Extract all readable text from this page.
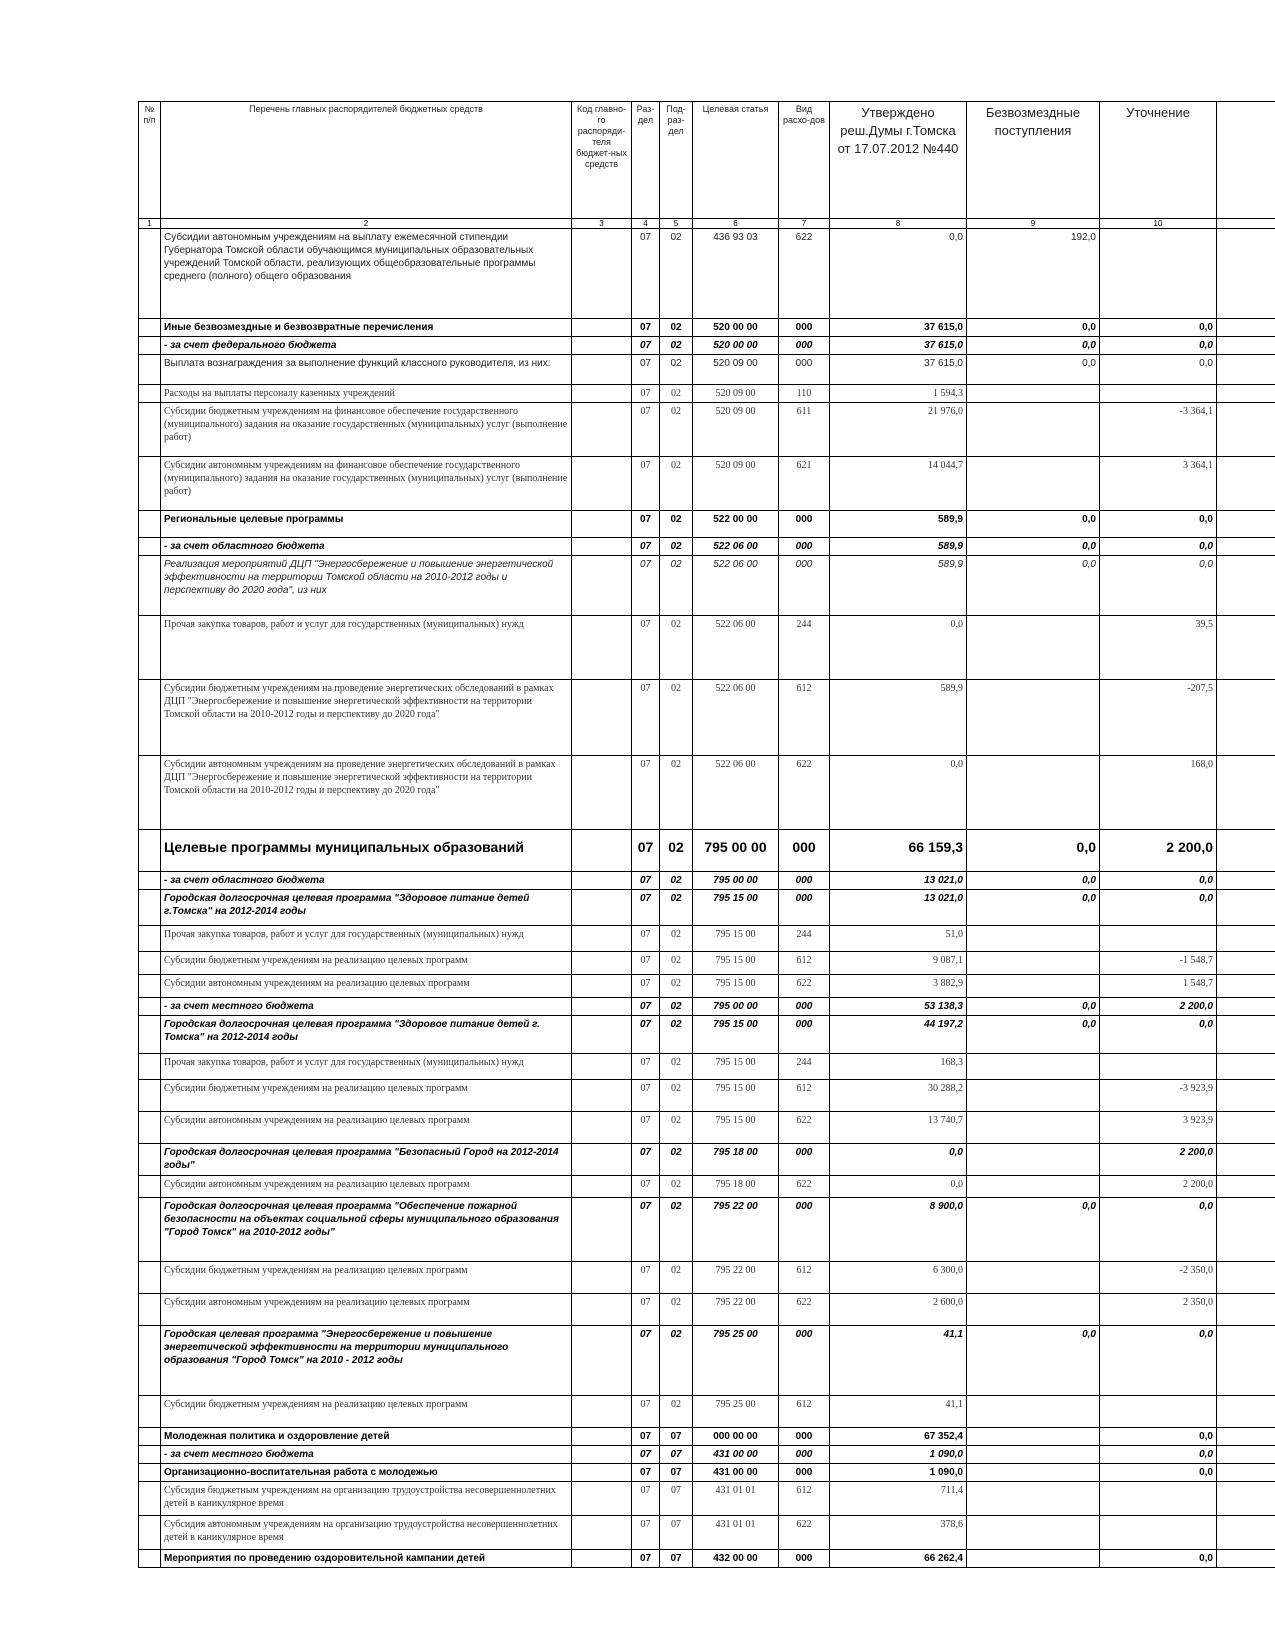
№ п/п	Перечень главных распорядителей бюджетных средств	Код главно-го распоряди-теля бюджет-ных средств	Раз-дел	Под-раз-дел	Целевая статья	Вид расхо-дов	Утверждено реш.Думы г.Томска от 17.07.2012 №440	Безвозмездные поступления	Уточнение	
1	2	3	4	5	6	7	8	9	10	
	Субсидии автономным учреждениям на выплату ежемесячной стипендии Губернатора Томской области обучающимся муниципальных образовательных учреждений Томской области, реализующих общеобразовательные программы среднего (полного) общего образования		07	02	436 93 03	622	0,0	192,0		
	Иные безвозмездные и безвозвратные перечисления		07	02	520 00 00	000	37 615,0	0,0	0,0	
	- за счет федерального бюджета		07	02	520 00 00	000	37 615,0	0,0	0,0	
	Выплата вознаграждения за выполнение функций классного руководителя, из них:		07	02	520 09 00	000	37 615,0	0,0	0,0	
	Расходы на выплаты персоналу казенных учреждений		07	02	520 09 00	110	1 594,3			
	Субсидии бюджетным учреждениям на финансовое обеспечение государственного (муниципального) задания на оказание государственных (муниципальных) услуг (выполнение работ)		07	02	520 09 00	611	21 976,0		-3 364,1	
	Субсидии автономным учреждениям на финансовое обеспечение государственного (муниципального) задания на оказание государственных (муниципальных) услуг (выполнение работ)		07	02	520 09 00	621	14 044,7		3 364,1	
	Региональные целевые программы		07	02	522 00 00	000	589,9	0,0	0,0	
	- за счет областного бюджета		07	02	522 06 00	000	589,9	0,0	0,0	
	Реализация мероприятий ДЦП "Энергосбережение и повышение энергетической эффективности на территории Томской области на 2010-2012 годы и перспективу до 2020 года", из них		07	02	522 06 00	000	589,9	0,0	0,0	
	Прочая закупка товаров, работ и услуг для государственных (муниципальных) нужд		07	02	522 06 00	244	0,0		39,5	
	Субсидии бюджетным учреждениям на проведение энергетических обследований в рамках ДЦП "Энергосбережение и повышение энергетической эффективности на территории Томской области на 2010-2012 годы и перспективу до 2020 года"		07	02	522 06 00	612	589,9		-207,5	
	Субсидии автономным учреждениям на проведение энергетических обследований в рамках ДЦП "Энергосбережение и повышение энергетической эффективности на территории Томской области на 2010-2012 годы и перспективу до 2020 года"		07	02	522 06 00	622	0,0		168,0	
	Целевые программы муниципальных образований		07	02	795 00 00	000	66 159,3	0,0	2 200,0	
	- за счет областного бюджета		07	02	795 00 00	000	13 021,0	0,0	0,0	
	Городская долгосрочная целевая программа "Здоровое питание детей г.Томска" на 2012-2014 годы		07	02	795 15 00	000	13 021,0	0,0	0,0	
	Прочая закупка товаров, работ и услуг для государственных (муниципальных) нужд		07	02	795 15 00	244	51,0			
	Субсидии бюджетным учреждениям на реализацию целевых программ		07	02	795 15 00	612	9 087,1		-1 548,7	
	Субсидии автономным учреждениям на реализацию целевых программ		07	02	795 15 00	622	3 882,9		1 548,7	
	- за счет местного бюджета		07	02	795 00 00	000	53 138,3	0,0	2 200,0	
	Городская долгосрочная целевая программа "Здоровое питание детей г. Томска" на 2012-2014 годы		07	02	795 15 00	000	44 197,2	0,0	0,0	
	Прочая закупка товаров, работ и услуг для государственных (муниципальных) нужд		07	02	795 15 00	244	168,3			
	Субсидии бюджетным учреждениям на реализацию целевых программ		07	02	795 15 00	612	30 288,2		-3 923,9	
	Субсидии автономным учреждениям на реализацию целевых программ		07	02	795 15 00	622	13 740,7		3 923,9	
	Городская долгосрочная целевая программа "Безопасный Город на 2012-2014 годы"		07	02	795 18 00	000	0,0		2 200,0	
	Субсидии автономным учреждениям на реализацию целевых программ		07	02	795 18 00	622	0,0		2 200,0	
	Городская долгосрочная целевая программа "Обеспечение пожарной безопасности на объектах социальной сферы муниципального образования "Город Томск" на 2010-2012 годы"		07	02	795 22 00	000	8 900,0	0,0	0,0	
	Субсидии бюджетным учреждениям на реализацию целевых программ		07	02	795 22 00	612	6 300,0		-2 350,0	
	Субсидии автономным учреждениям на реализацию целевых программ		07	02	795 22 00	622	2 600,0		2 350,0	
	Городская целевая программа "Энергосбережение и повышение энергетической эффективности на территории муниципального образования "Город Томск" на 2010 - 2012 годы		07	02	795 25 00	000	41,1	0,0	0,0	
	Субсидии бюджетным учреждениям на реализацию целевых программ		07	02	795 25 00	612	41,1			
	Молодежная политика и оздоровление детей		07	07	000 00 00	000	67 352,4		0,0	
	- за счет местного бюджета		07	07	431 00 00	000	1 090,0		0,0	
	Организационно-воспитательная работа с молодежью		07	07	431 00 00	000	1 090,0		0,0	
	Субсидия бюджетным учреждениям на организацию трудоустройства несовершеннолетних детей в каникулярное время		07	07	431 01 01	612	711,4			
	Субсидия автономным учреждениям на организацию трудоустройства несовершеннолетних детей в каникулярное время		07	07	431 01 01	622	378,6			
	Мероприятия по проведению оздоровительной кампании детей		07	07	432 00 00	000	66 262,4		0,0	
